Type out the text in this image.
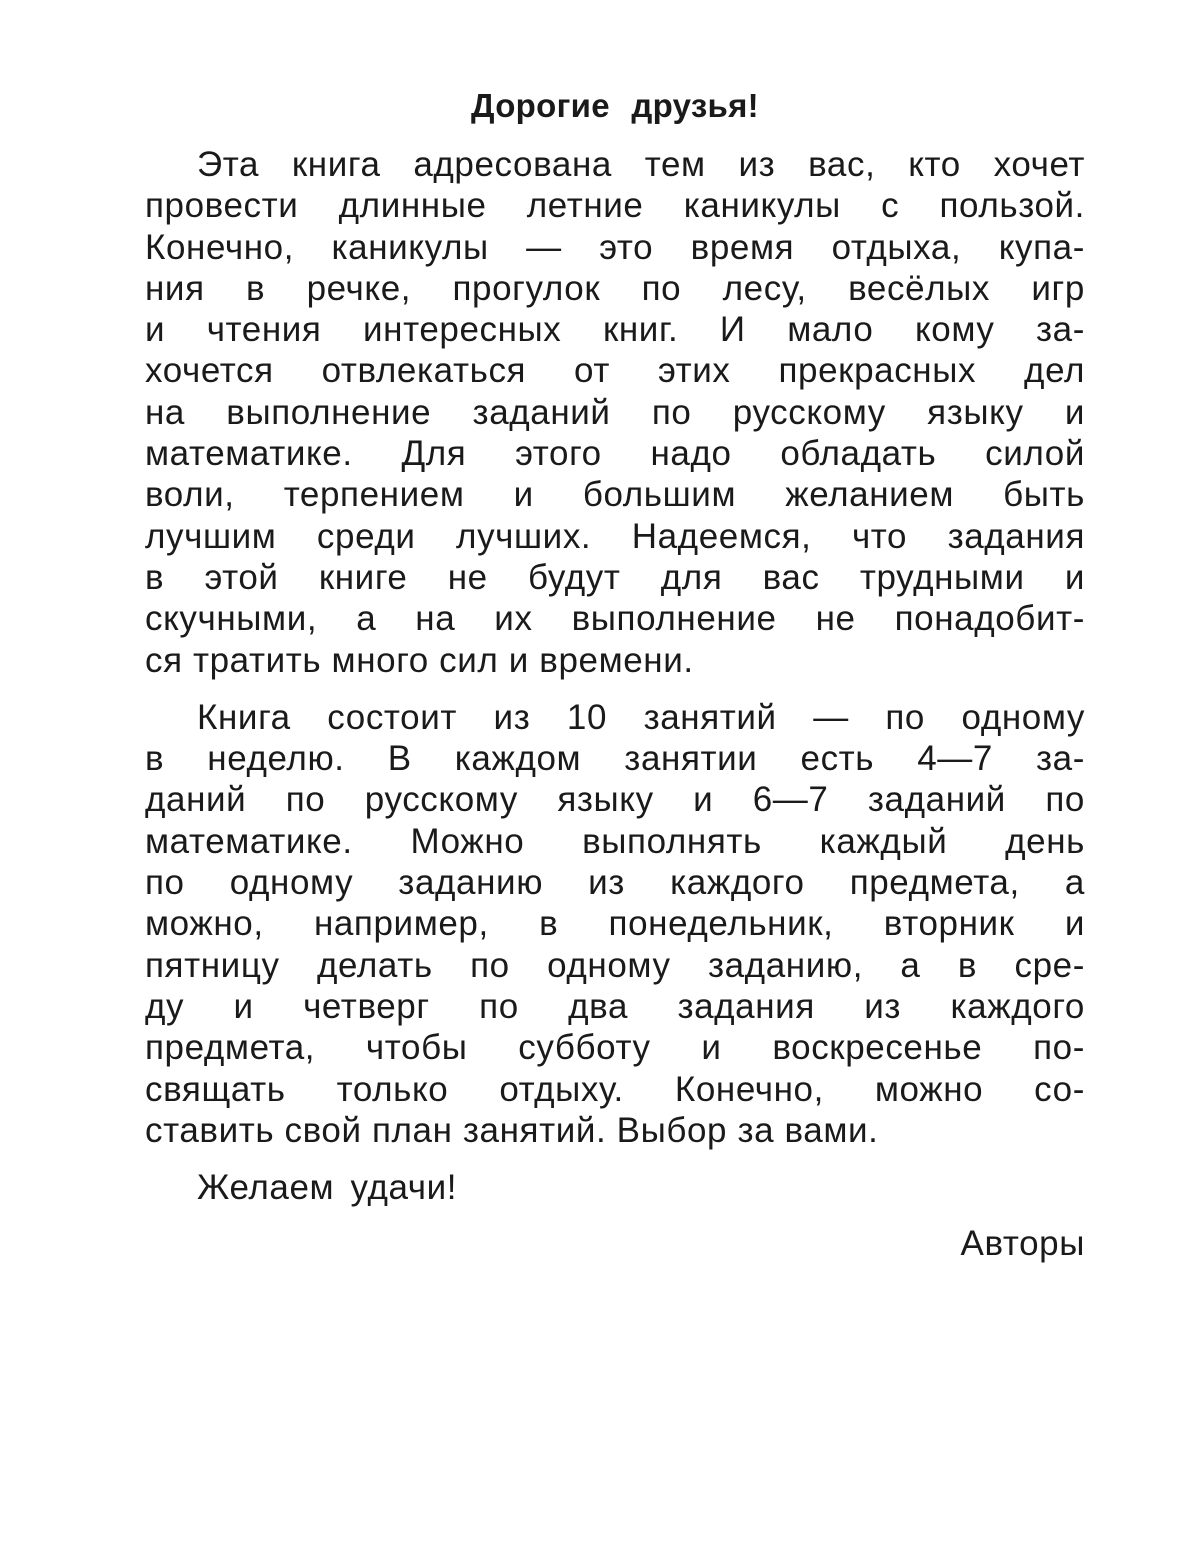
Дорогие друзья!
Эта книга адресована тем из вас, кто хочет
провести длинные летние каникулы с пользой.
Конечно, каникулы — это время отдыха, купа-
ния в речке, прогулок по лесу, весёлых игр
и чтения интересных книг. И мало кому за-
хочется отвлекаться от этих прекрасных дел
на выполнение заданий по русскому языку и
математике. Для этого надо обладать силой
воли, терпением и большим желанием быть
лучшим среди лучших. Надеемся, что задания
в этой книге не будут для вас трудными и
скучными, а на их выполнение не понадобит-
ся тратить много сил и времени.
Книга состоит из 10 занятий — по одному
в неделю. В каждом занятии есть 4—7 за-
даний по русскому языку и 6—7 заданий по
математике. Можно выполнять каждый день
по одному заданию из каждого предмета, а
можно, например, в понедельник, вторник и
пятницу делать по одному заданию, а в сре-
ду и четверг по два задания из каждого
предмета, чтобы субботу и воскресенье по-
свящать только отдыху. Конечно, можно со-
ставить свой план занятий. Выбор за вами.

Желаем удачи!

Авторы
